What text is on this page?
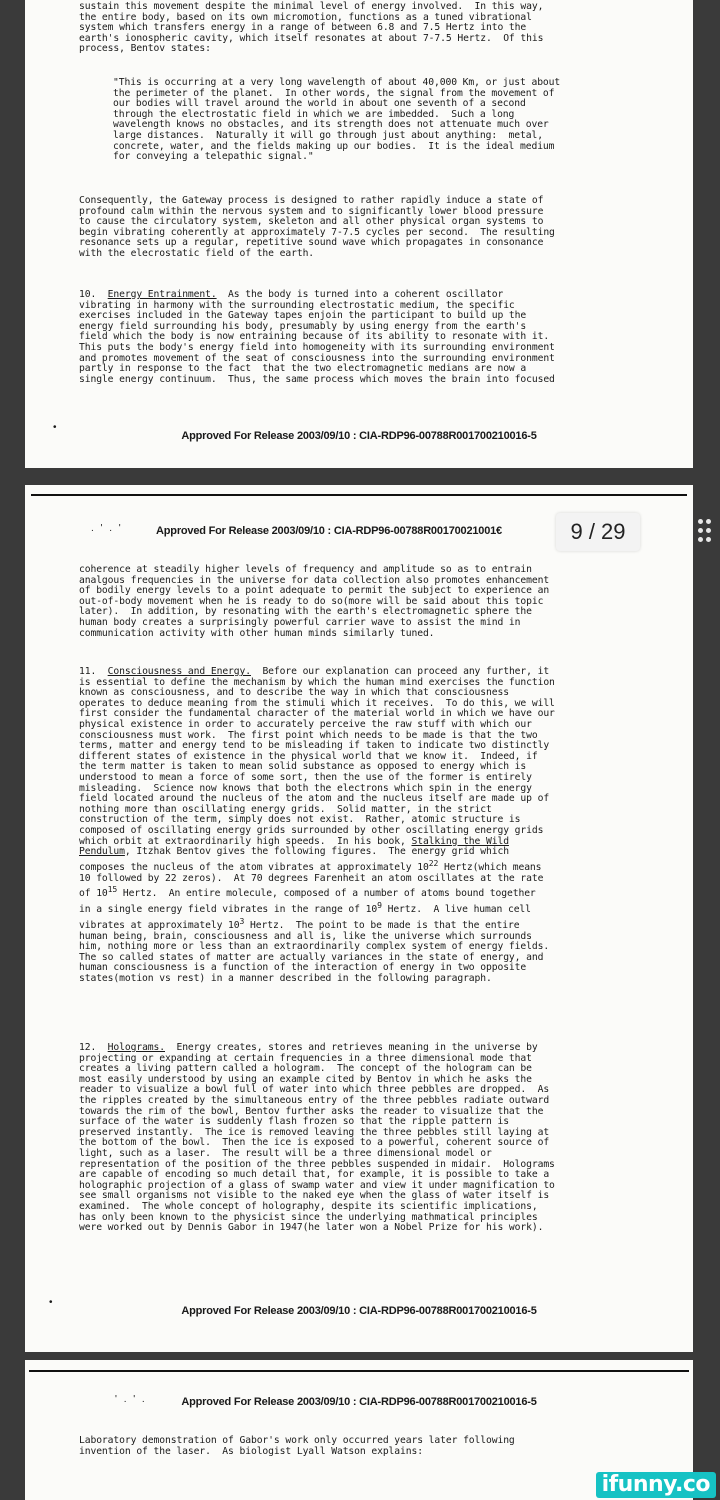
sustain this movement despite the minimal level of energy involved.  In this way,
the entire body, based on its own micromotion, functions as a tuned vibrational
system which transfers energy in a range of between 6.8 and 7.5 Hertz into the
earth's ionospheric cavity, which itself resonates at about 7-7.5 Hertz.  Of this
process, Bentov states:
"This is occurring at a very long wavelength of about 40,000 Km, or just about
the perimeter of the planet.  In other words, the signal from the movement of
our bodies will travel around the world in about one seventh of a second
through the electrostatic field in which we are imbedded.  Such a long
wavelength knows no obstacles, and its strength does not attenuate much over
large distances.  Naturally it will go through just about anything:  metal,
concrete, water, and the fields making up our bodies.  It is the ideal medium
for conveying a telepathic signal."
Consequently, the Gateway process is designed to rather rapidly induce a state of
profound calm within the nervous system and to significantly lower blood pressure
to cause the circulatory system, skeleton and all other physical organ systems to
begin vibrating coherently at approximately 7-7.5 cycles per second.  The resulting
resonance sets up a regular, repetitive sound wave which propagates in consonance
with the elecrostatic field of the earth.
10.  Energy Entrainment.  As the body is turned into a coherent oscillator
vibrating in harmony with the surrounding electrostatic medium, the specific
exercises included in the Gateway tapes enjoin the participant to build up the
energy field surrounding his body, presumably by using energy from the earth's
field which the body is now entraining because of its ability to resonate with it.
This puts the body's energy field into homogeneity with its surrounding environment
and promotes movement of the seat of consciousness into the surrounding environment
partly in response to the fact  that the two electromagnetic medians are now a
single energy continuum.  Thus, the same process which moves the brain into focused
•
Approved For Release 2003/09/10 : CIA-RDP96-00788R001700210016-5
. ' . '	Approved For Release 2003/09/10 : CIA-RDP96-00788R00170021001€
coherence at steadily higher levels of frequency and amplitude so as to entrain
analgous frequencies in the universe for data collection also promotes enhancement
of bodily energy levels to a point adequate to permit the subject to experience an
out-of-body movement when he is ready to do so(more will be said about this topic
later).  In addition, by resonating with the earth's electromagnetic sphere the
human body creates a surprisingly powerful carrier wave to assist the mind in
communication activity with other human minds similarly tuned.
11.  Consciousness and Energy.  Before our explanation can proceed any further, it
is essential to define the mechanism by which the human mind exercises the function
known as consciousness, and to describe the way in which that consciousness
operates to deduce meaning from the stimuli which it receives.  To do this, we will
first consider the fundamental character of the material world in which we have our
physical existence in order to accurately perceive the raw stuff with which our
consciousness must work.  The first point which needs to be made is that the two
terms, matter and energy tend to be misleading if taken to indicate two distinctly
different states of existence in the physical world that we know it.  Indeed, if
the term matter is taken to mean solid substance as opposed to energy which is
understood to mean a force of some sort, then the use of the former is entirely
misleading.  Science now knows that both the electrons which spin in the energy
field located around the nucleus of the atom and the nucleus itself are made up of
nothing more than oscillating energy grids.  Solid matter, in the strict
construction of the term, simply does not exist.  Rather, atomic structure is
composed of oscillating energy grids surrounded by other oscillating energy grids
which orbit at extraordinarily high speeds.  In his book, Stalking the Wild
Pendulum, Itzhak Bentov gives the following figures.  The energy grid which
composes the nucleus of the atom vibrates at approximately $10^{22}$ Hertz(which means
10 followed by 22 zeros).  At 70 degrees Farenheit an atom oscillates at the rate
of $10^{15}$ Hertz.  An entire molecule, composed of a number of atoms bound together
in a single energy field vibrates in the range of $10^9$ Hertz.  A live human cell
vibrates at approximately $10^3$ Hertz.  The point to be made is that the entire
human being, brain, consciousness and all is, like the universe which surrounds
him, nothing more or less than an extraordinarily complex system of energy fields.
The so called states of matter are actually variances in the state of energy, and
human consciousness is a function of the interaction of energy in two opposite
states(motion vs rest) in a manner described in the following paragraph.
12.  Holograms.  Energy creates, stores and retrieves meaning in the universe by
projecting or expanding at certain frequencies in a three dimensional mode that
creates a living pattern called a hologram.  The concept of the hologram can be
most easily understood by using an example cited by Bentov in which he asks the
reader to visualize a bowl full of water into which three pebbles are dropped.  As
the ripples created by the simultaneous entry of the three pebbles radiate outward
towards the rim of the bowl, Bentov further asks the reader to visualize that the
surface of the water is suddenly flash frozen so that the ripple pattern is
preserved instantly.  The ice is removed leaving the three pebbles still laying at
the bottom of the bowl.  Then the ice is exposed to a powerful, coherent source of
light, such as a laser.  The result will be a three dimensional model or
representation of the position of the three pebbles suspended in midair.  Holograms
are capable of encoding so much detail that, for example, it is possible to take a
holographic projection of a glass of swamp water and view it under magnification to
see small organisms not visible to the naked eye when the glass of water itself is
examined.  The whole concept of holography, despite its scientific implications,
has only been known to the physicist since the underlying mathmatical principles
were worked out by Dennis Gabor in 1947(he later won a Nobel Prize for his work).
•
Approved For Release 2003/09/10 : CIA-RDP96-00788R001700210016-5
' . ' .	Approved For Release 2003/09/10 : CIA-RDP96-00788R001700210016-5
Laboratory demonstration of Gabor's work only occurred years later following
invention of the laser.  As biologist Lyall Watson explains:
9 / 29
ifunny.co
